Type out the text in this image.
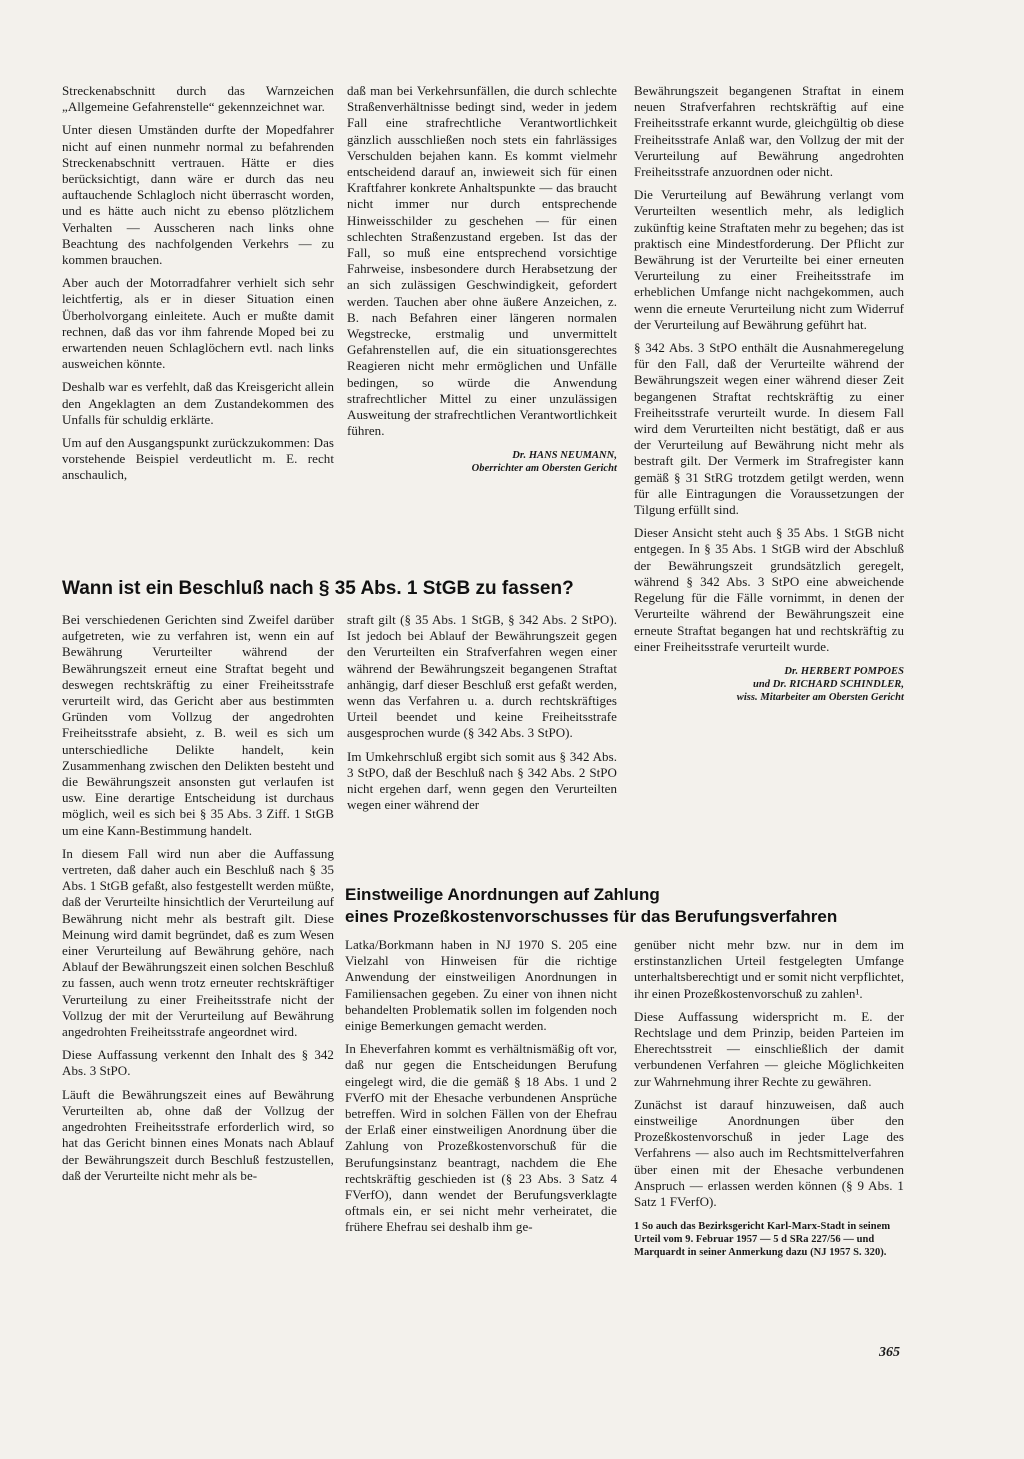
Streckenabschnitt durch das Warnzeichen „Allgemeine Gefahrenstelle“ gekennzeichnet war.

Unter diesen Umständen durfte der Mopedfahrer nicht auf einen nunmehr normal zu befahrenden Streckenabschnitt vertrauen. Hätte er dies berücksichtigt, dann wäre er durch das neu auftauchende Schlagloch nicht überrascht worden, und es hätte auch nicht zu ebenso plötzlichem Verhalten — Ausscheren nach links ohne Beachtung des nachfolgenden Verkehrs — zu kommen brauchen.

Aber auch der Motorradfahrer verhielt sich sehr leichtfertig, als er in dieser Situation einen Überholvorgang einleitete. Auch er mußte damit rechnen, daß das vor ihm fahrende Moped bei zu erwartenden neuen Schlaglöchern evtl. nach links ausweichen könnte.

Deshalb war es verfehlt, daß das Kreisgericht allein den Angeklagten an dem Zustandekommen des Unfalls für schuldig erklärte.

Um auf den Ausgangspunkt zurückzukommen: Das vorstehende Beispiel verdeutlicht m. E. recht anschaulich,

daß man bei Verkehrsunfällen, die durch schlechte Straßenverhältnisse bedingt sind, weder in jedem Fall eine strafrechtliche Verantwortlichkeit gänzlich ausschließen noch stets ein fahrlässiges Verschulden bejahen kann. Es kommt vielmehr entscheidend darauf an, inwieweit sich für einen Kraftfahrer konkrete Anhaltspunkte — das braucht nicht immer nur durch entsprechende Hinweisschilder zu geschehen — für einen schlechten Straßenzustand ergeben. Ist das der Fall, so muß eine entsprechend vorsichtige Fahrweise, insbesondere durch Herabsetzung der an sich zulässigen Geschwindigkeit, gefordert werden. Tauchen aber ohne äußere Anzeichen, z. B. nach Befahren einer längeren normalen Wegstrecke, erstmalig und unvermittelt Gefahrenstellen auf, die ein situationsgerechtes Reagieren nicht mehr ermöglichen und Unfälle bedingen, so würde die Anwendung strafrechtlicher Mittel zu einer unzulässigen Ausweitung der strafrechtlichen Verantwortlichkeit führen.

Dr. HANS NEUMANN,
Oberrichter am Obersten Gericht

Bewährungszeit begangenen Straftat in einem neuen Strafverfahren rechtskräftig auf eine Freiheitsstrafe erkannt wurde, gleichgültig ob diese Freiheitsstrafe Anlaß war, den Vollzug der mit der Verurteilung auf Bewährung angedrohten Freiheitsstrafe anzuordnen oder nicht.

Die Verurteilung auf Bewährung verlangt vom Verurteilten wesentlich mehr, als lediglich zukünftig keine Straftaten mehr zu begehen; das ist praktisch eine Mindestforderung. Der Pflicht zur Bewährung ist der Verurteilte bei einer erneuten Verurteilung zu einer Freiheitsstrafe im erheblichen Umfange nicht nachgekommen, auch wenn die erneute Verurteilung nicht zum Widerruf der Verurteilung auf Bewährung geführt hat.

§ 342 Abs. 3 StPO enthält die Ausnahmeregelung für den Fall, daß der Verurteilte während der Bewährungszeit wegen einer während dieser Zeit begangenen Straftat rechtskräftig zu einer Freiheitsstrafe verurteilt wurde. In diesem Fall wird dem Verurteilten nicht bestätigt, daß er aus der Verurteilung auf Bewährung nicht mehr als bestraft gilt. Der Vermerk im Strafregister kann gemäß § 31 StRG trotzdem getilgt werden, wenn für alle Eintragungen die Voraussetzungen der Tilgung erfüllt sind.

Dieser Ansicht steht auch § 35 Abs. 1 StGB nicht entgegen. In § 35 Abs. 1 StGB wird der Abschluß der Bewährungszeit grundsätzlich geregelt, während § 342 Abs. 3 StPO eine abweichende Regelung für die Fälle vornimmt, in denen der Verurteilte während der Bewährungszeit eine erneute Straftat begangen hat und rechtskräftig zu einer Freiheitsstrafe verurteilt wurde.

Dr. HERBERT POMPOES
und Dr. RICHARD SCHINDLER,
wiss. Mitarbeiter am Obersten Gericht
Wann ist ein Beschluß nach § 35 Abs. 1 StGB zu fassen?

Bei verschiedenen Gerichten sind Zweifel darüber aufgetreten, wie zu verfahren ist, wenn ein auf Bewährung Verurteilter während der Bewährungszeit erneut eine Straftat begeht und deswegen rechtskräftig zu einer Freiheitsstrafe verurteilt wird, das Gericht aber aus bestimmten Gründen vom Vollzug der angedrohten Freiheitsstrafe absieht, z. B. weil es sich um unterschiedliche Delikte handelt, kein Zusammenhang zwischen den Delikten besteht und die Bewährungszeit ansonsten gut verlaufen ist usw. Eine derartige Entscheidung ist durchaus möglich, weil es sich bei § 35 Abs. 3 Ziff. 1 StGB um eine Kann-Bestimmung handelt.

In diesem Fall wird nun aber die Auffassung vertreten, daß daher auch ein Beschluß nach § 35 Abs. 1 StGB gefaßt, also festgestellt werden müßte, daß der Verurteilte hinsichtlich der Verurteilung auf Bewährung nicht mehr als bestraft gilt. Diese Meinung wird damit begründet, daß es zum Wesen einer Verurteilung auf Bewährung gehöre, nach Ablauf der Bewährungszeit einen solchen Beschluß zu fassen, auch wenn trotz erneuter rechtskräftiger Verurteilung zu einer Freiheitsstrafe nicht der Vollzug der mit der Verurteilung auf Bewährung angedrohten Freiheitsstrafe angeordnet wird.

Diese Auffassung verkennt den Inhalt des § 342 Abs. 3 StPO.

Läuft die Bewährungszeit eines auf Bewährung Verurteilten ab, ohne daß der Vollzug der angedrohten Freiheitsstrafe erforderlich wird, so hat das Gericht binnen eines Monats nach Ablauf der Bewährungszeit durch Beschluß festzustellen, daß der Verurteilte nicht mehr als be-

straft gilt (§ 35 Abs. 1 StGB, § 342 Abs. 2 StPO). Ist jedoch bei Ablauf der Bewährungszeit gegen den Verurteilten ein Strafverfahren wegen einer während der Bewährungszeit begangenen Straftat anhängig, darf dieser Beschluß erst gefaßt werden, wenn das Verfahren u. a. durch rechtskräftiges Urteil beendet und keine Freiheitsstrafe ausgesprochen wurde (§ 342 Abs. 3 StPO).

Im Umkehrschluß ergibt sich somit aus § 342 Abs. 3 StPO, daß der Beschluß nach § 342 Abs. 2 StPO nicht ergehen darf, wenn gegen den Verurteilten wegen einer während der

Einstweilige Anordnungen auf Zahlung
eines Prozeßkostenvorschusses für das Berufungsverfahren

Latka/Borkmann haben in NJ 1970 S. 205 eine Vielzahl von Hinweisen für die richtige Anwendung der einstweiligen Anordnungen in Familiensachen gegeben. Zu einer von ihnen nicht behandelten Problematik sollen im folgenden noch einige Bemerkungen gemacht werden.

In Eheverfahren kommt es verhältnismäßig oft vor, daß nur gegen die Entscheidungen Berufung eingelegt wird, die die gemäß § 18 Abs. 1 und 2 FVerfO mit der Ehesache verbundenen Ansprüche betreffen. Wird in solchen Fällen von der Ehefrau der Erlaß einer einstweiligen Anordnung über die Zahlung von Prozeßkostenvorschuß für die Berufungsinstanz beantragt, nachdem die Ehe rechtskräftig geschieden ist (§ 23 Abs. 3 Satz 4 FVerfO), dann wendet der Berufungsverklagte oftmals ein, er sei nicht mehr verheiratet, die frühere Ehefrau sei deshalb ihm ge-

genüber nicht mehr bzw. nur in dem im erstinstanzlichen Urteil festgelegten Umfange unterhaltsberechtigt und er somit nicht verpflichtet, ihr einen Prozeßkostenvorschuß zu zahlen¹.

Diese Auffassung widerspricht m. E. der Rechtslage und dem Prinzip, beiden Parteien im Eherechtsstreit — einschließlich der damit verbundenen Verfahren — gleiche Möglichkeiten zur Wahrnehmung ihrer Rechte zu gewähren.

Zunächst ist darauf hinzuweisen, daß auch einstweilige Anordnungen über den Prozeßkostenvorschuß in jeder Lage des Verfahrens — also auch im Rechtsmittelverfahren über einen mit der Ehesache verbundenen Anspruch — erlassen werden können (§ 9 Abs. 1 Satz 1 FVerfO).

1 So auch das Bezirksgericht Karl-Marx-Stadt in seinem Urteil vom 9. Februar 1957 — 5 d SRa 227/56 — und Marquardt in seiner Anmerkung dazu (NJ 1957 S. 320).
365
